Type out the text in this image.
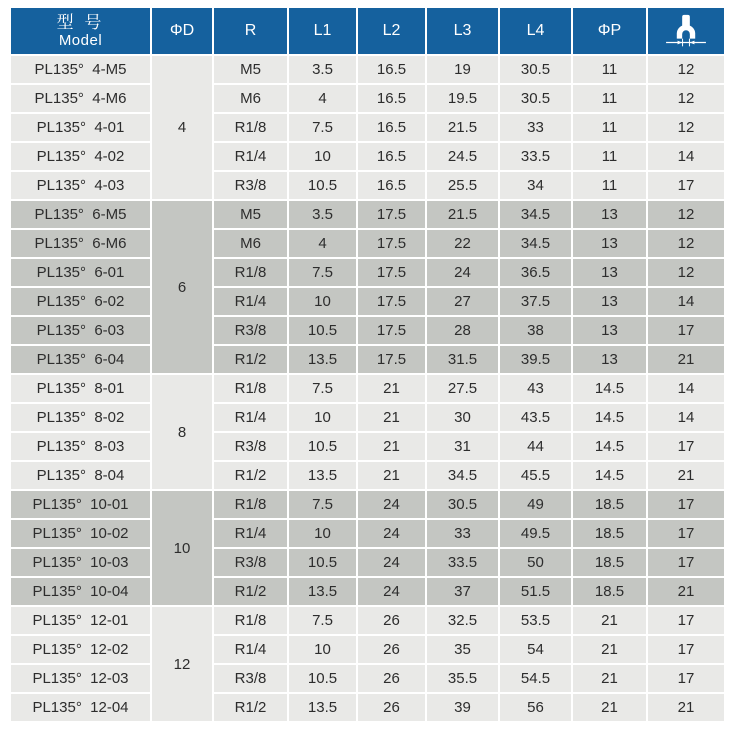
型 号
Model	ΦD	R	L1	L2	L3	L4	ΦP	

PL135°  4-M5	4	M5	3.5	16.5	19	30.5	11	12
PL135°  4-M6		M6	4	16.5	19.5	30.5	11	12
PL135°  4-01		R1/8	7.5	16.5	21.5	33	11	12
PL135°  4-02		R1/4	10	16.5	24.5	33.5	11	14
PL135°  4-03		R3/8	10.5	16.5	25.5	34	11	17
PL135°  6-M5	6	M5	3.5	17.5	21.5	34.5	13	12
PL135°  6-M6		M6	4	17.5	22	34.5	13	12
PL135°  6-01		R1/8	7.5	17.5	24	36.5	13	12
PL135°  6-02		R1/4	10	17.5	27	37.5	13	14
PL135°  6-03		R3/8	10.5	17.5	28	38	13	17
PL135°  6-04		R1/2	13.5	17.5	31.5	39.5	13	21
PL135°  8-01	8	R1/8	7.5	21	27.5	43	14.5	14
PL135°  8-02		R1/4	10	21	30	43.5	14.5	14
PL135°  8-03		R3/8	10.5	21	31	44	14.5	17
PL135°  8-04		R1/2	13.5	21	34.5	45.5	14.5	21
PL135°  10-01	10	R1/8	7.5	24	30.5	49	18.5	17
PL135°  10-02		R1/4	10	24	33	49.5	18.5	17
PL135°  10-03		R3/8	10.5	24	33.5	50	18.5	17
PL135°  10-04		R1/2	13.5	24	37	51.5	18.5	21
PL135°  12-01	12	R1/8	7.5	26	32.5	53.5	21	17
PL135°  12-02		R1/4	10	26	35	54	21	17
PL135°  12-03		R3/8	10.5	26	35.5	54.5	21	17
PL135°  12-04		R1/2	13.5	26	39	56	21	21
